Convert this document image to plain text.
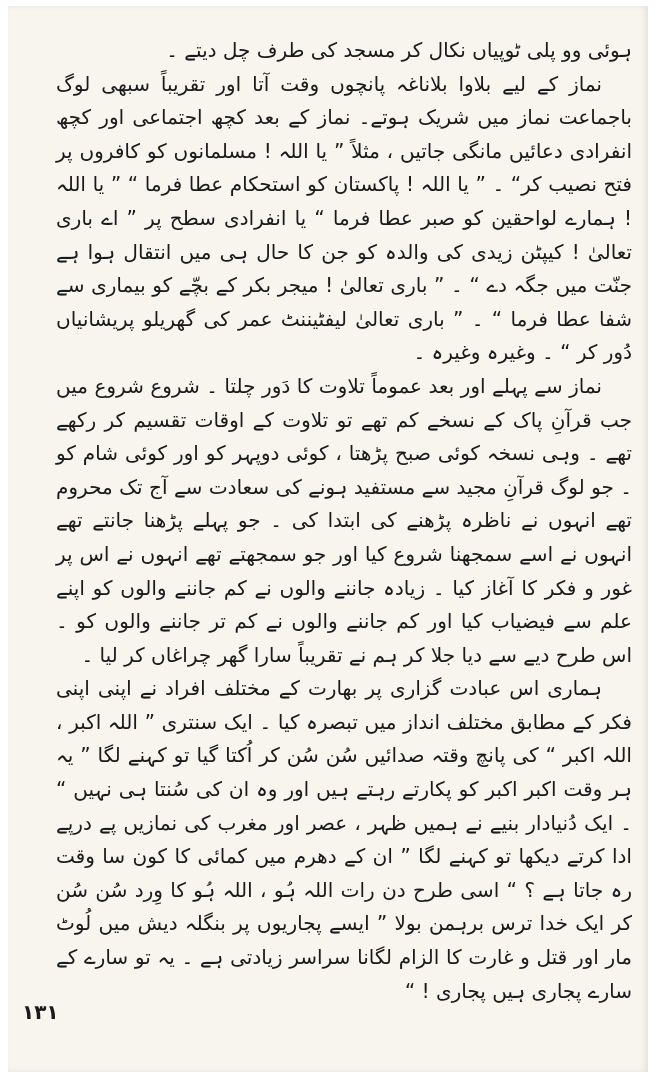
ہوئی وو پلی ٹوپیاں نکال کر مسجد کی طرف چل دیتے ۔

نماز کے لیے بلاوا بلاناغہ پانچوں وقت آتا اور تقریباً سبھی لوگ باجماعت نماز میں شریک ہوتے۔ نماز کے بعد کچھ اجتماعی اور کچھ انفرادی دعائیں مانگی جاتیں ، مثلاً ” یا اللہ ! مسلمانوں کو کافروں پر فتح نصیب کر“ ۔ ” یا اللہ ! پاکستان کو استحکام عطا فرما “ ” یا اللہ ! ہمارے لواحقین کو صبر عطا فرما “ یا انفرادی سطح پر ” اے باری تعالیٰ ! کیپٹن زیدی کی والدہ کو جن کا حال ہی میں انتقال ہوا ہے جنّت میں جگہ دے “ ۔ ” باری تعالیٰ ! میجر بکر کے بچّے کو بیماری سے شفا عطا فرما “ ۔ ” باری تعالیٰ لیفٹیننٹ عمر کی گھریلو پریشانیاں دُور کر “ ۔ وغیرہ وغیرہ ۔

نماز سے پہلے اور بعد عموماً تلاوت کا دَور چلتا ۔ شروع شروع میں جب قرآنِ پاک کے نسخے کم تھے تو تلاوت کے اوقات تقسیم کر رکھے تھے ۔ وہی نسخہ کوئی صبح پڑھتا ، کوئی دوپہر کو اور کوئی شام کو ۔ جو لوگ قرآنِ مجید سے مستفید ہونے کی سعادت سے آج تک محروم تھے انہوں نے ناظرہ پڑھنے کی ابتدا کی ۔ جو پہلے پڑھنا جانتے تھے انہوں نے اسے سمجھنا شروع کیا اور جو سمجھتے تھے انہوں نے اس پر غور و فکر کا آغاز کیا ۔ زیادہ جاننے والوں نے کم جاننے والوں کو اپنے علم سے فیضیاب کیا اور کم جاننے والوں نے کم تر جاننے والوں کو ۔ اس طرح دیے سے دیا جلا کر ہم نے تقریباً سارا گھر چراغاں کر لیا ۔

ہماری اس عبادت گزاری پر بھارت کے مختلف افراد نے اپنی اپنی فکر کے مطابق مختلف انداز میں تبصرہ کیا ۔ ایک سنتری ” اللہ اکبر ، اللہ اکبر “ کی پانچ وقتہ صدائیں سُن سُن کر اُکتا گیا تو کہنے لگا ” یہ ہر وقت اکبر اکبر کو پکارتے رہتے ہیں اور وہ ان کی سُنتا ہی نہیں “ ۔ ایک دُنیادار بنیے نے ہمیں ظہر ، عصر اور مغرب کی نمازیں پے درپے ادا کرتے دیکھا تو کہنے لگا ” ان کے دھرم میں کمائی کا کون سا وقت رہ جاتا ہے ؟ “ اسی طرح دن رات اللہ ہُو ، اللہ ہُو کا وِرد سُن سُن کر ایک خدا ترس برہمن بولا ” ایسے پجاریوں پر بنگلہ دیش میں لُوٹ مار اور قتل و غارت کا الزام لگانا سراسر زیادتی ہے ۔ یہ تو سارے کے سارے پجاری ہیں پجاری ! “

۱۳۱
